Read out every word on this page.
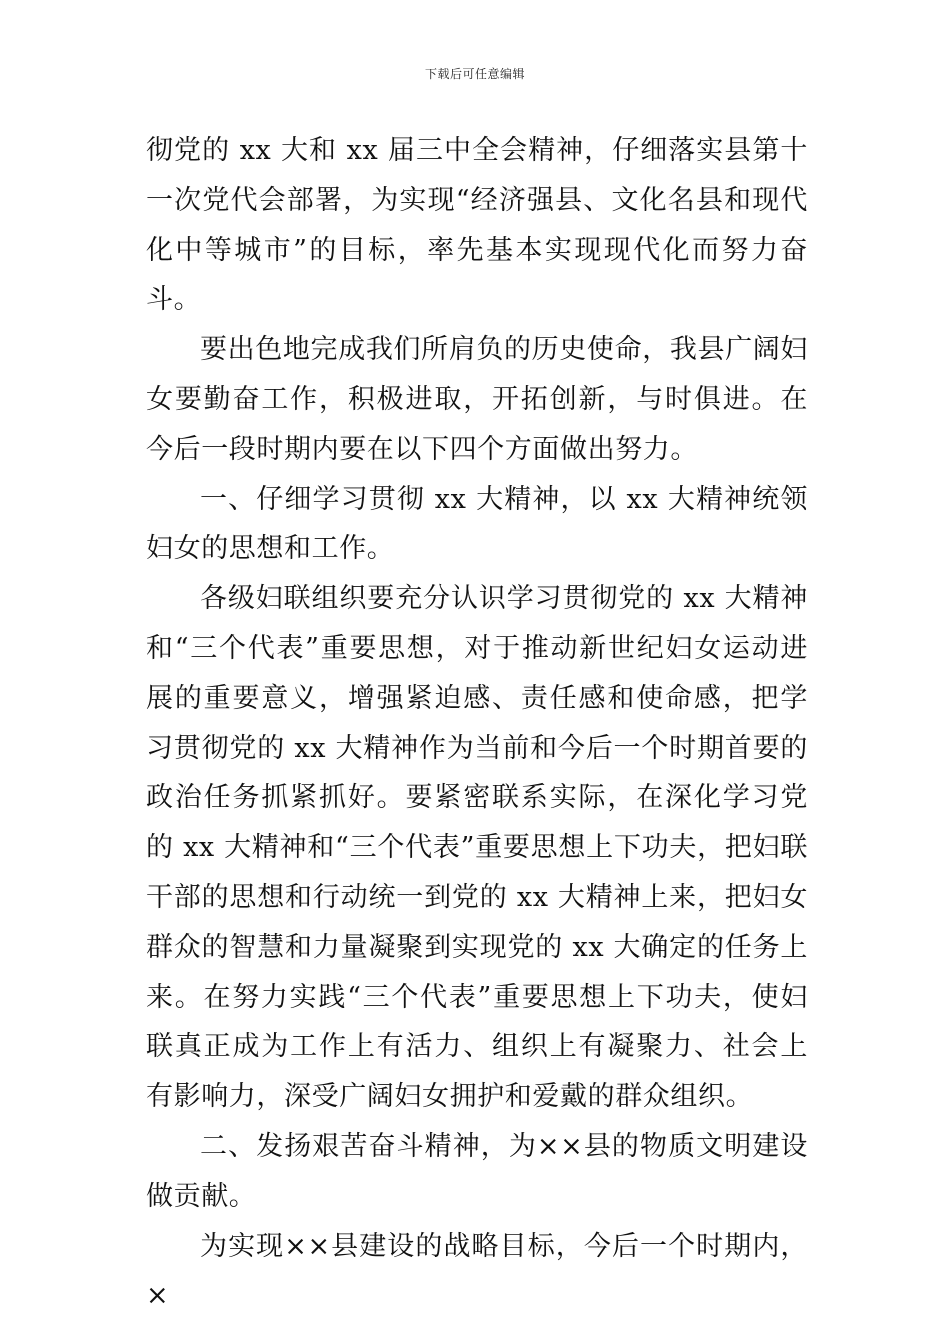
下载后可任意编辑

彻党的 xx 大和 xx 届三中全会精神，仔细落实县第十一次党代会部署，为实现“经济强县、文化名县和现代化中等城市”的目标，率先基本实现现代化而努力奋斗。

要出色地完成我们所肩负的历史使命，我县广阔妇女要勤奋工作，积极进取，开拓创新，与时俱进。在今后一段时期内要在以下四个方面做出努力。

一、仔细学习贯彻 xx 大精神，以 xx 大精神统领妇女的思想和工作。

各级妇联组织要充分认识学习贯彻党的 xx 大精神和“三个代表”重要思想，对于推动新世纪妇女运动进展的重要意义，增强紧迫感、责任感和使命感，把学习贯彻党的 xx 大精神作为当前和今后一个时期首要的政治任务抓紧抓好。要紧密联系实际，在深化学习党的 xx 大精神和“三个代表”重要思想上下功夫，把妇联干部的思想和行动统一到党的 xx 大精神上来，把妇女群众的智慧和力量凝聚到实现党的 xx 大确定的任务上来。在努力实践“三个代表”重要思想上下功夫，使妇联真正成为工作上有活力、组织上有凝聚力、社会上有影响力，深受广阔妇女拥护和爱戴的群众组织。

二、发扬艰苦奋斗精神，为××县的物质文明建设做贡献。

为实现××县建设的战略目标，今后一个时期内，×
